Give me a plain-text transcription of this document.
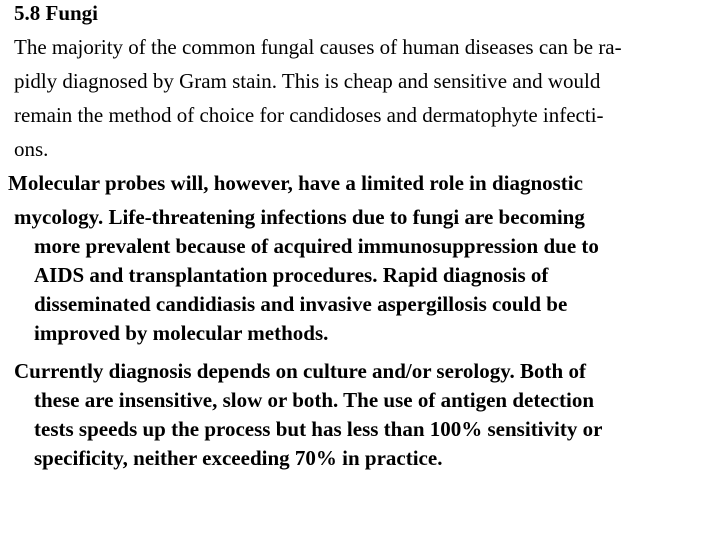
5.8 Fungi
The majority of the common fungal causes of human diseases can be ra-
pidly diagnosed by Gram stain. This is cheap and sensitive and would
remain the method of choice for candidoses and dermatophyte infecti-
ons.
Molecular probes will, however, have a limited role in diagnostic
mycology. Life-threatening infections due to fungi are becoming
more prevalent because of acquired immunosuppression due to
AIDS and transplantation procedures. Rapid diagnosis of
disseminated candidiasis and invasive aspergillosis could be
improved by molecular methods.
Currently diagnosis depends on culture and/or serology. Both of
these are insensitive, slow or both. The use of antigen detection
tests speeds up the process but has less than 100% sensitivity or
specificity, neither exceeding 70% in practice.
